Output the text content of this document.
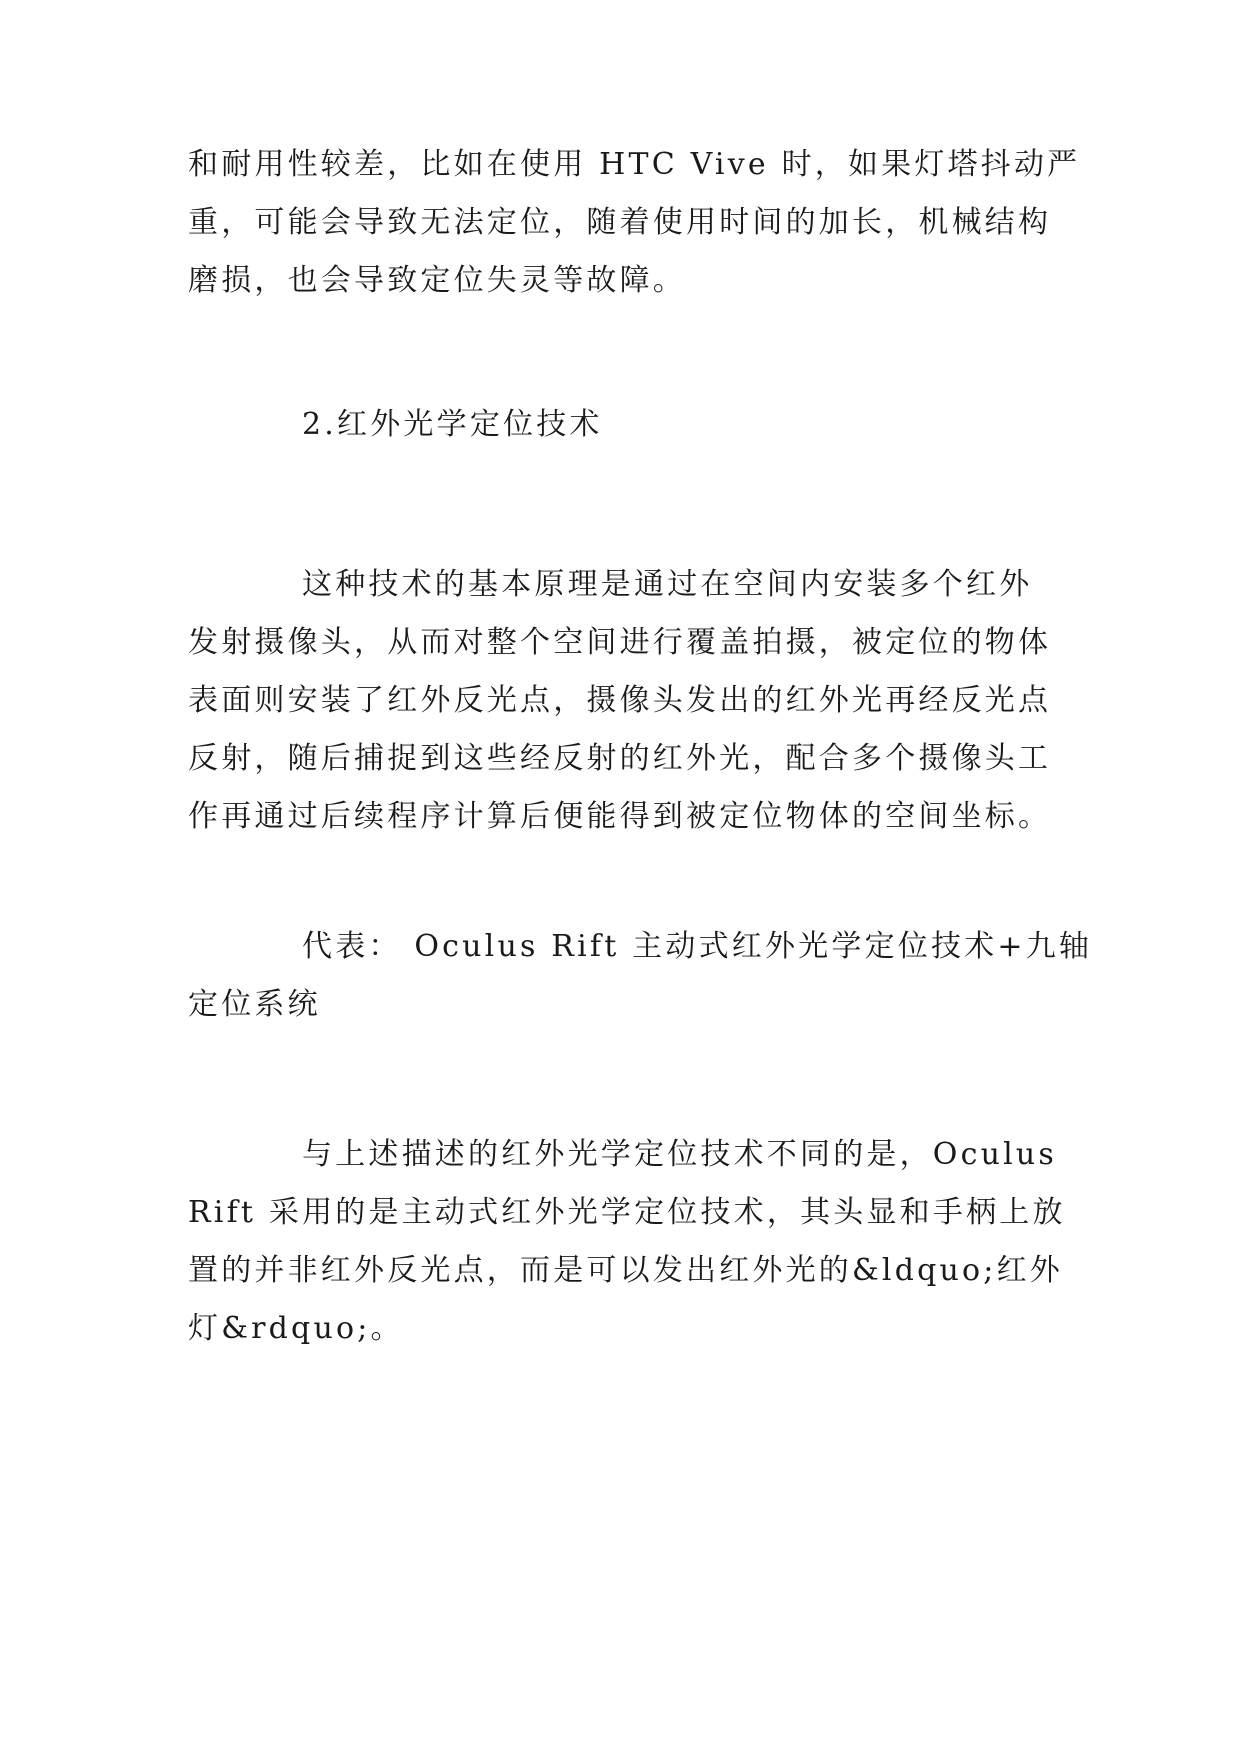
和耐用性较差，比如在使用 HTC Vive 时，如果灯塔抖动严
重，可能会导致无法定位，随着使用时间的加长，机械结构
磨损，也会导致定位失灵等故障。
2.红外光学定位技术
这种技术的基本原理是通过在空间内安装多个红外
发射摄像头，从而对整个空间进行覆盖拍摄，被定位的物体
表面则安装了红外反光点，摄像头发出的红外光再经反光点
反射，随后捕捉到这些经反射的红外光，配合多个摄像头工
作再通过后续程序计算后便能得到被定位物体的空间坐标。
代表： Oculus Rift 主动式红外光学定位技术+九轴
定位系统
与上述描述的红外光学定位技术不同的是，Oculus
Rift 采用的是主动式红外光学定位技术，其头显和手柄上放
置的并非红外反光点，而是可以发出红外光的&ldquo;红外
灯&rdquo;。
